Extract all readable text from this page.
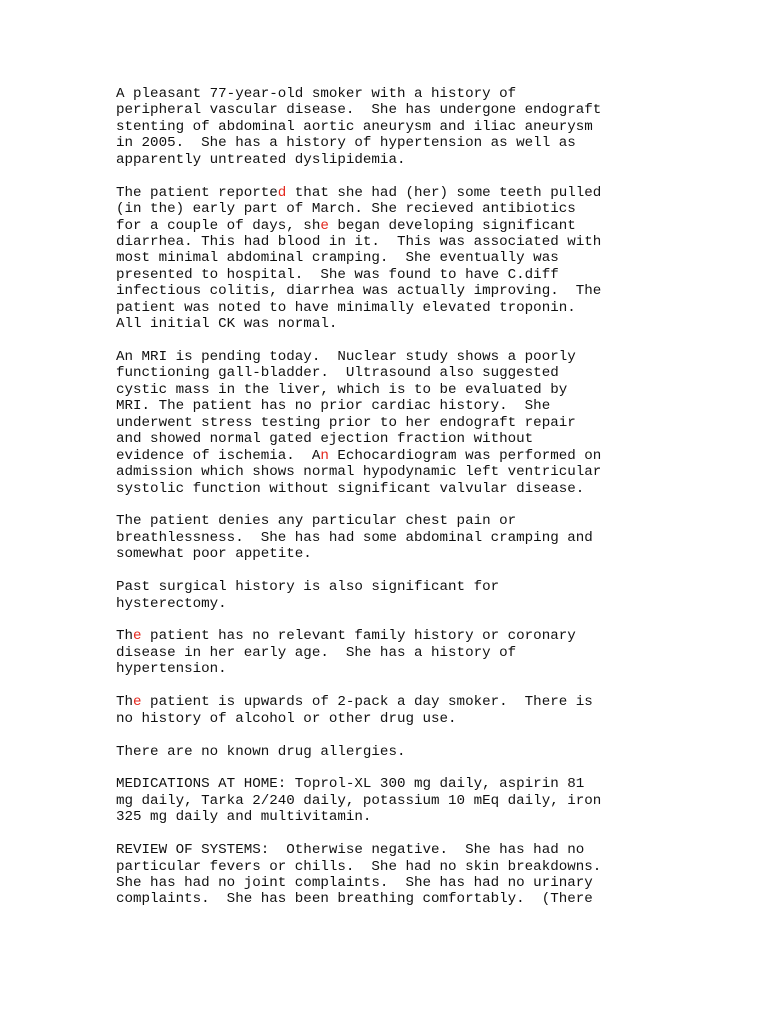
A pleasant 77-year-old smoker with a history of
peripheral vascular disease.  She has undergone endograft
stenting of abdominal aortic aneurysm and iliac aneurysm
in 2005.  She has a history of hypertension as well as
apparently untreated dyslipidemia.
The patient reported that she had (her) some teeth pulled
(in the) early part of March. She recieved antibiotics
for a couple of days, she began developing significant
diarrhea. This had blood in it.  This was associated with
most minimal abdominal cramping.  She eventually was
presented to hospital.  She was found to have C.diff
infectious colitis, diarrhea was actually improving.  The
patient was noted to have minimally elevated troponin.
All initial CK was normal.
An MRI is pending today.  Nuclear study shows a poorly
functioning gall-bladder.  Ultrasound also suggested
cystic mass in the liver, which is to be evaluated by
MRI. The patient has no prior cardiac history.  She
underwent stress testing prior to her endograft repair
and showed normal gated ejection fraction without
evidence of ischemia.  An Echocardiogram was performed on
admission which shows normal hypodynamic left ventricular
systolic function without significant valvular disease.
The patient denies any particular chest pain or
breathlessness.  She has had some abdominal cramping and
somewhat poor appetite.
Past surgical history is also significant for
hysterectomy.
The patient has no relevant family history or coronary
disease in her early age.  She has a history of
hypertension.
The patient is upwards of 2-pack a day smoker.  There is
no history of alcohol or other drug use.
There are no known drug allergies.
MEDICATIONS AT HOME: Toprol-XL 300 mg daily, aspirin 81
mg daily, Tarka 2/240 daily, potassium 10 mEq daily, iron
325 mg daily and multivitamin.
REVIEW OF SYSTEMS:  Otherwise negative.  She has had no
particular fevers or chills.  She had no skin breakdowns.
She has had no joint complaints.  She has had no urinary
complaints.  She has been breathing comfortably.  (There
